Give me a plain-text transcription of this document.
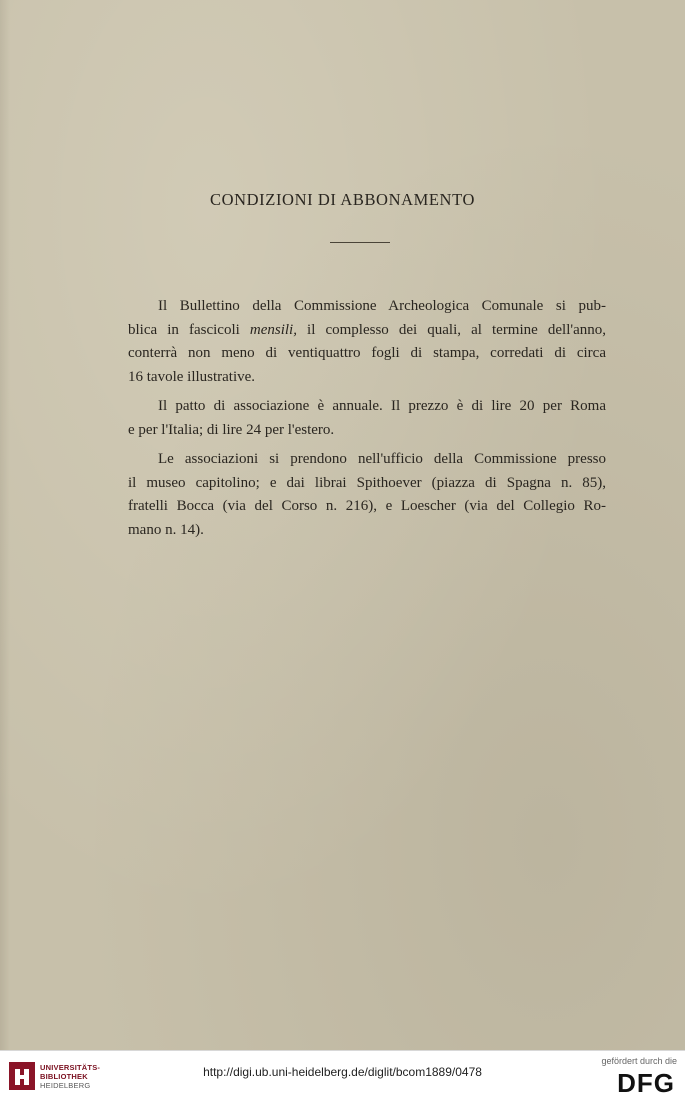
CONDIZIONI DI ABBONAMENTO
Il Bullettino della Commissione Archeologica Comunale si pub-
blica in fascicoli mensili, il complesso dei quali, al termine dell'anno,
conterrà non meno di ventiquattro fogli di stampa, corredati di circa
16 tavole illustrative.
Il patto di associazione è annuale. Il prezzo è di lire 20 per Roma
e per l'Italia; di lire 24 per l'estero.
Le associazioni si prendono nell'ufficio della Commissione presso
il museo capitolino; e dai librai Spithoever (piazza di Spagna n. 85),
fratelli Bocca (via del Corso n. 216), e Loescher (via del Collegio Ro-
mano n. 14).
UNIVERSITÄTS-
BIBLIOTHEK
HEIDELBERG
http://digi.ub.uni-heidelberg.de/diglit/bcom1889/0478
gefördert durch die
DFG
